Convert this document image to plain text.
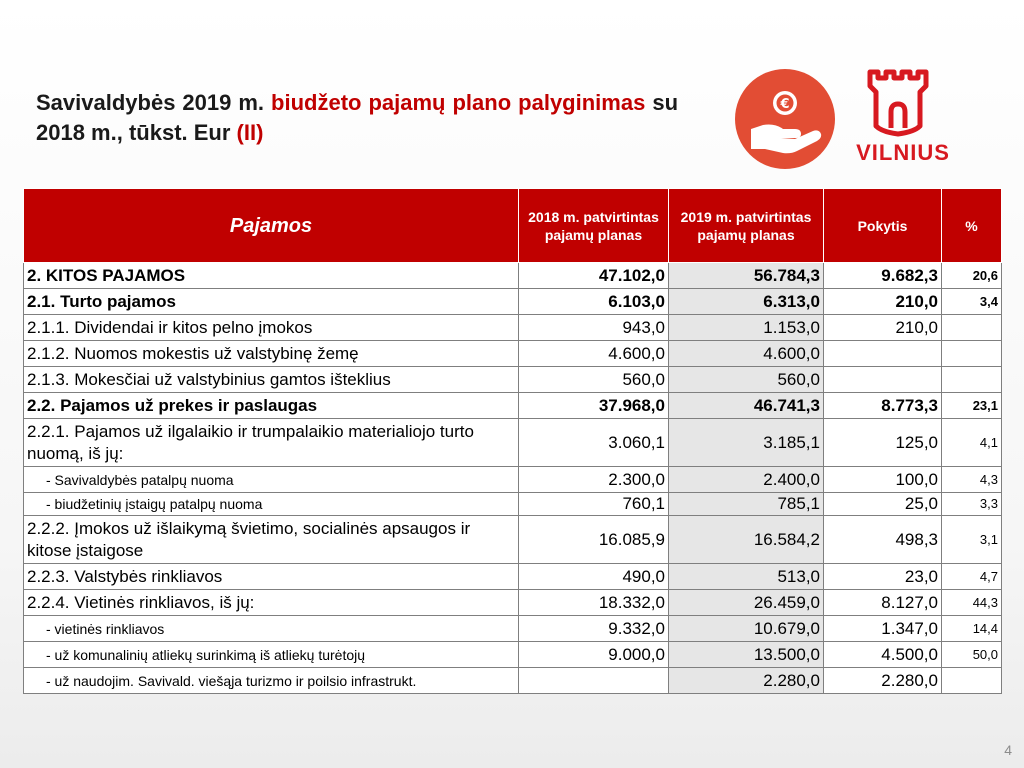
Savivaldybės 2019 m. biudžeto pajamų plano palyginimas su 2018 m., tūkst. Eur (II)
€
VILNIUS
Pajamos	2018 m. patvirtintas pajamų planas	2019 m. patvirtintas pajamų planas	Pokytis	%
2. KITOS PAJAMOS	47.102,0	56.784,3	9.682,3	20,6
2.1. Turto pajamos	6.103,0	6.313,0	210,0	3,4
2.1.1. Dividendai ir kitos pelno įmokos	943,0	1.153,0	210,0	
2.1.2. Nuomos mokestis už valstybinę žemę	4.600,0	4.600,0		
2.1.3. Mokesčiai už valstybinius gamtos išteklius	560,0	560,0		
2.2. Pajamos už prekes ir paslaugas	37.968,0	46.741,3	8.773,3	23,1
2.2.1. Pajamos už ilgalaikio ir trumpalaikio materialiojo turto nuomą, iš jų:	3.060,1	3.185,1	125,0	4,1
- Savivaldybės patalpų nuoma	2.300,0	2.400,0	100,0	4,3
- biudžetinių įstaigų patalpų nuoma	760,1	785,1	25,0	3,3
2.2.2. Įmokos už išlaikymą švietimo, socialinės apsaugos ir kitose įstaigose	16.085,9	16.584,2	498,3	3,1
2.2.3. Valstybės rinkliavos	490,0	513,0	23,0	4,7
2.2.4. Vietinės rinkliavos, iš jų:	18.332,0	26.459,0	8.127,0	44,3
- vietinės rinkliavos	9.332,0	10.679,0	1.347,0	14,4
- už komunalinių atliekų surinkimą iš atliekų turėtojų	9.000,0	13.500,0	4.500,0	50,0
- už naudojim. Savivald. viešąja turizmo ir poilsio infrastrukt.		2.280,0	2.280,0	
4
